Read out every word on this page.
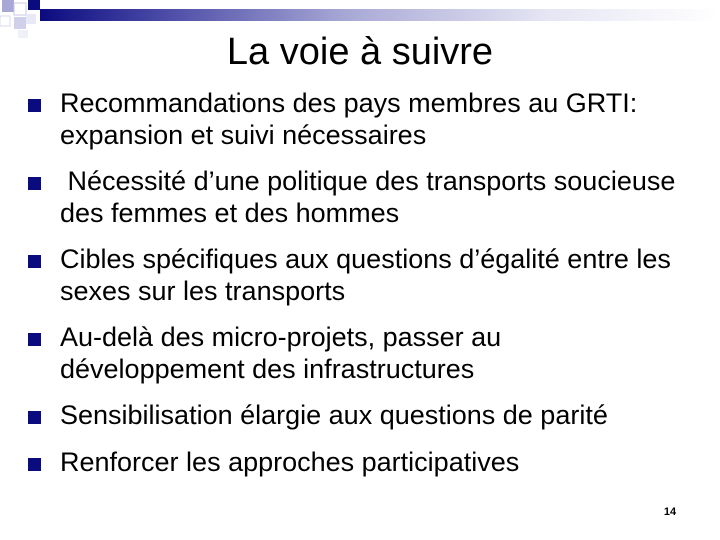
La voie à suivre
Recommandations des pays membres au GRTI: expansion et suivi nécessaires
Nécessité d’une politique des transports soucieuse des femmes et des hommes
Cibles spécifiques aux questions d’égalité entre les sexes sur les transports
Au-delà des micro-projets, passer au développement des infrastructures
Sensibilisation élargie aux questions de parité
Renforcer les approches participatives
14
